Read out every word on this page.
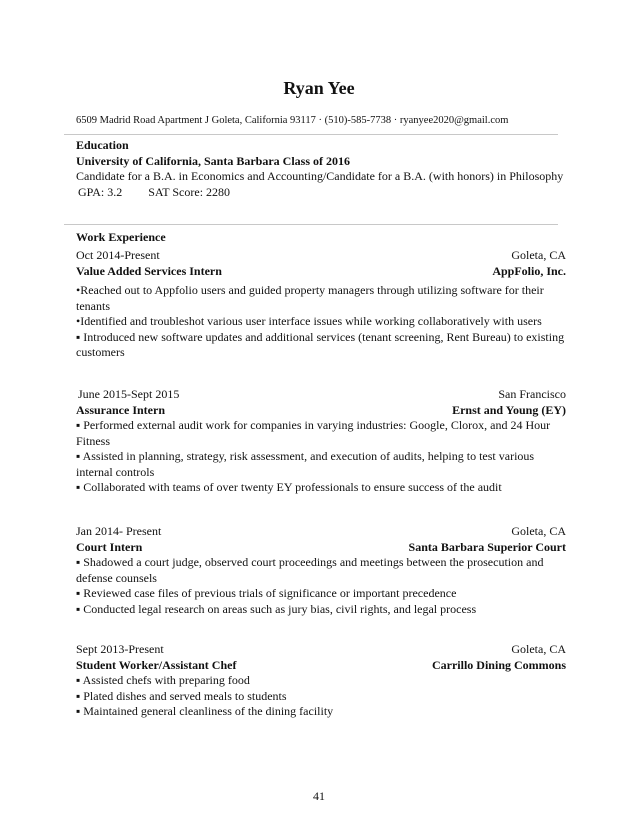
Ryan Yee
6509 Madrid Road Apartment J Goleta, California 93117 · (510)-585-7738 · ryanyee2020@gmail.com
Education
University of California, Santa Barbara Class of 2016
Candidate for a B.A. in Economics and Accounting/Candidate for a B.A. (with honors) in Philosophy
GPA: 3.2 SAT Score: 2280
Work Experience
Oct 2014-Present	Goleta, CA
Value Added Services Intern	AppFolio, Inc.
•Reached out to Appfolio users and guided property managers through utilizing software for their tenants
•Identified and troubleshot various user interface issues while working collaboratively with users
▪ Introduced new software updates and additional services (tenant screening, Rent Bureau) to existing customers
June 2015-Sept 2015	San Francisco
Assurance Intern	Ernst and Young (EY)
▪ Performed external audit work for companies in varying industries: Google, Clorox, and 24 Hour Fitness
▪ Assisted in planning, strategy, risk assessment, and execution of audits, helping to test various internal controls
▪ Collaborated with teams of over twenty EY professionals to ensure success of the audit
Jan 2014- Present	Goleta, CA
Court Intern	Santa Barbara Superior Court
▪ Shadowed a court judge, observed court proceedings and meetings between the prosecution and defense counsels
▪ Reviewed case files of previous trials of significance or important precedence
▪ Conducted legal research on areas such as jury bias, civil rights, and legal process
Sept 2013-Present	Goleta, CA
Student Worker/Assistant Chef	Carrillo Dining Commons
▪ Assisted chefs with preparing food
▪ Plated dishes and served meals to students
▪ Maintained general cleanliness of the dining facility
41
